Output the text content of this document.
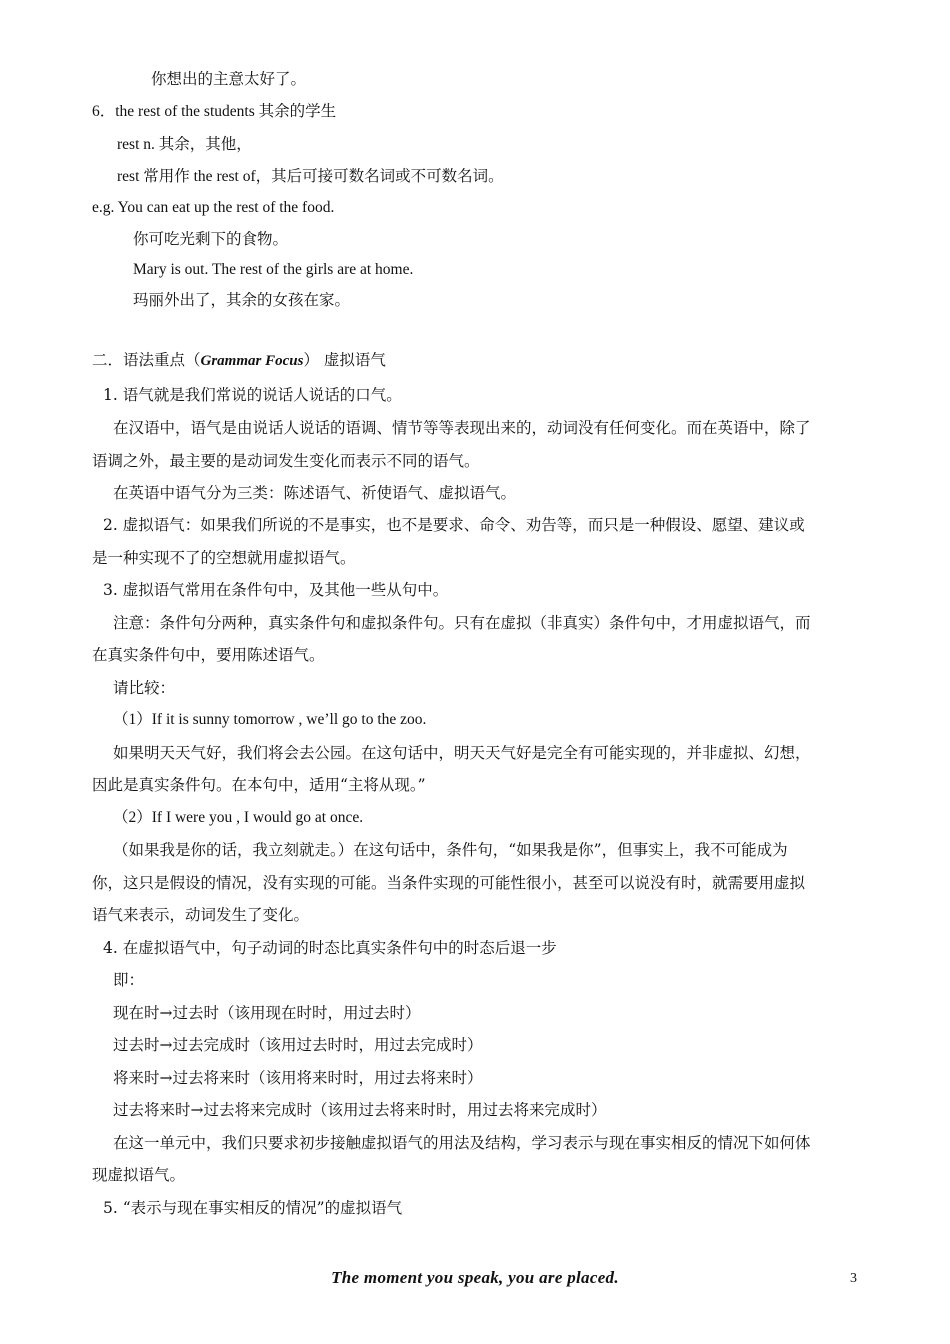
你想出的主意太好了。
6．the rest of the students 其余的学生
rest n. 其余，其他，
rest 常用作 the rest of，其后可接可数名词或不可数名词。
e.g. You can eat up the rest of the food.
你可吃光剩下的食物。
Mary is out. The rest of the girls are at home.
玛丽外出了，其余的女孩在家。
二．语法重点（Grammar Focus） 虚拟语气
1. 语气就是我们常说的说话人说话的口气。
在汉语中，语气是由说话人说话的语调、情节等等表现出来的，动词没有任何变化。而在英语中，除了
语调之外，最主要的是动词发生变化而表示不同的语气。
在英语中语气分为三类：陈述语气、祈使语气、虚拟语气。
2. 虚拟语气：如果我们所说的不是事实，也不是要求、命令、劝告等，而只是一种假设、愿望、建议或
是一种实现不了的空想就用虚拟语气。
3. 虚拟语气常用在条件句中，及其他一些从句中。
注意：条件句分两种，真实条件句和虚拟条件句。只有在虚拟（非真实）条件句中，才用虚拟语气，而
在真实条件句中，要用陈述语气。
请比较：
（1）If it is sunny tomorrow , we’ll go to the zoo.
如果明天天气好，我们将会去公园。在这句话中，明天天气好是完全有可能实现的，并非虚拟、幻想，
因此是真实条件句。在本句中，适用“主将从现。”
（2）If I were you , I would go at once.
（如果我是你的话，我立刻就走。）在这句话中，条件句，“如果我是你”，但事实上，我不可能成为
你，这只是假设的情况，没有实现的可能。当条件实现的可能性很小，甚至可以说没有时，就需要用虚拟
语气来表示，动词发生了变化。
4. 在虚拟语气中，句子动词的时态比真实条件句中的时态后退一步
即：
现在时→过去时（该用现在时时，用过去时）
过去时→过去完成时（该用过去时时，用过去完成时）
将来时→过去将来时（该用将来时时，用过去将来时）
过去将来时→过去将来完成时（该用过去将来时时，用过去将来完成时）
在这一单元中，我们只要求初步接触虚拟语气的用法及结构，学习表示与现在事实相反的情况下如何体
现虚拟语气。
5. “表示与现在事实相反的情况”的虚拟语气
The moment you speak, you are placed.	3
